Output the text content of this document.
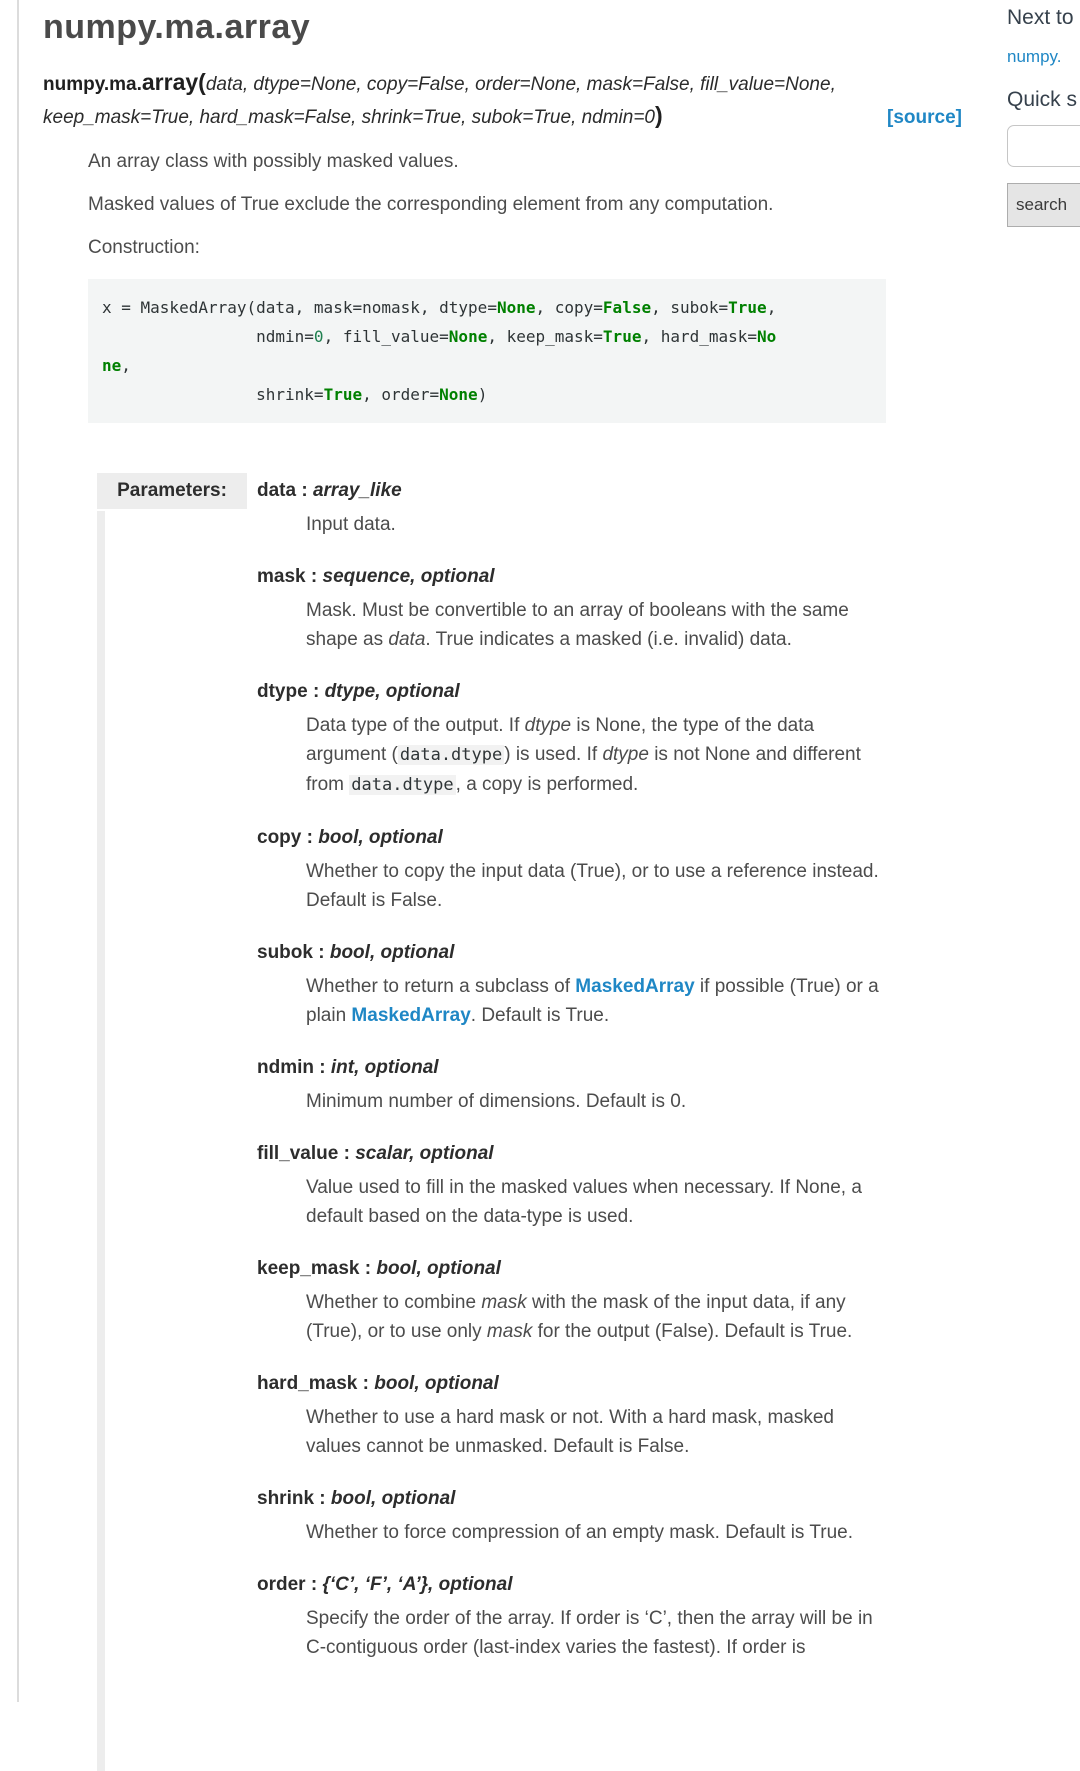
numpy.ma.array
[source]
numpy.ma.array(data, dtype=None, copy=False, order=None, mask=False, fill_value=None,
keep_mask=True, hard_mask=False, shrink=True, subok=True, ndmin=0)

An array class with possibly masked values.

Masked values of True exclude the corresponding element from any computation.

Construction:

x = MaskedArray(data, mask=nomask, dtype=None, copy=False, subok=True,
ndmin=0, fill_value=None, keep_mask=True, hard_mask=No
ne,
shrink=True, order=None)
Parameters:	data : array_like
Input data.
mask : sequence, optional
Mask. Must be convertible to an array of booleans with the same shape as data. True indicates a masked (i.e. invalid) data.
dtype : dtype, optional
Data type of the output. If dtype is None, the type of the data argument ( data.dtype ) is used. If dtype is not None and different from data.dtype , a copy is performed.
copy : bool, optional
Whether to copy the input data (True), or to use a reference instead. Default is False.
subok : bool, optional
Whether to return a subclass of MaskedArray if possible (True) or a plain MaskedArray. Default is True.
ndmin : int, optional
Minimum number of dimensions. Default is 0.
fill_value : scalar, optional
Value used to fill in the masked values when necessary. If None, a default based on the data-type is used.
keep_mask : bool, optional
Whether to combine mask with the mask of the input data, if any (True), or to use only mask for the output (False). Default is True.
hard_mask : bool, optional
Whether to use a hard mask or not. With a hard mask, masked values cannot be unmasked. Default is False.
shrink : bool, optional
Whether to force compression of an empty mask. Default is True.
order : {‘C’, ‘F’, ‘A’}, optional
Specify the order of the array. If order is ‘C’, then the array will be in C-contiguous order (last-index varies the fastest). If order is
Next to
numpy.
Quick s
search
